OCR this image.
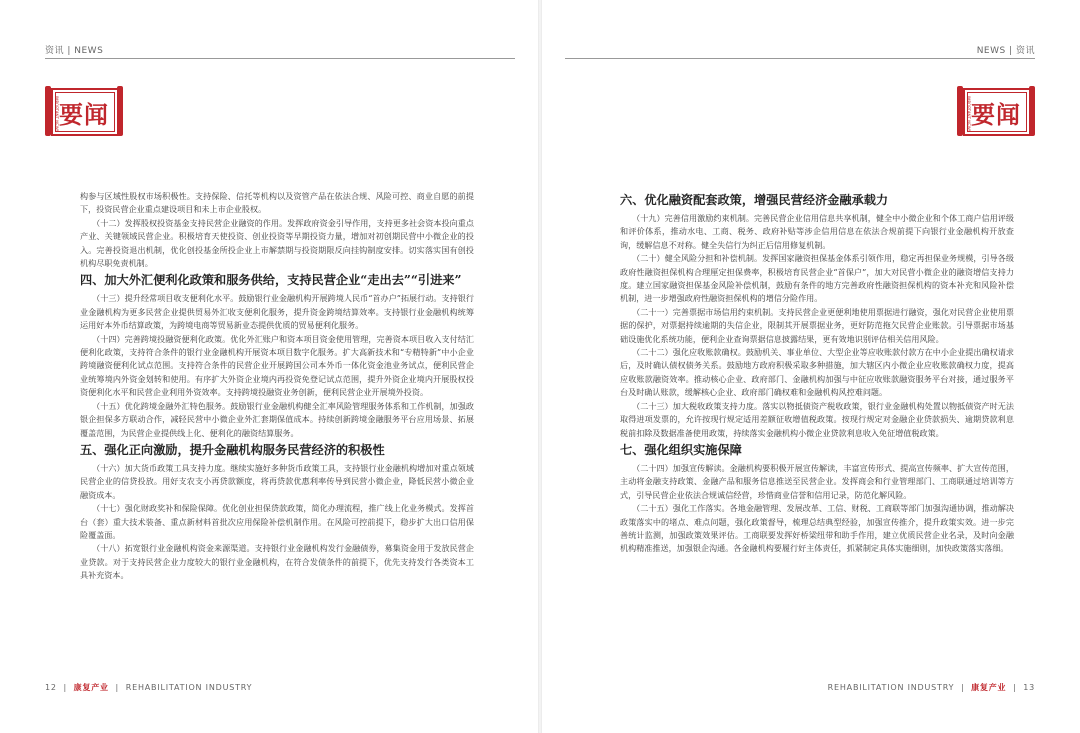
资讯 | NEWS
IMPORTANT NEWS 要闻

构参与区域性股权市场积极性。支持保险、信托等机构以及资管产品在依法合规、风险可控、商业自愿的前提下，投资民营企业重点建设项目和未上市企业股权。

（十二）发挥股权投资基金支持民营企业融资的作用。发挥政府资金引导作用，支持更多社会资本投向重点产业、关键领域民营企业。积极培育天使投资、创业投资等早期投资力量，增加对初创期民营中小微企业的投入。完善投资退出机制，优化创投基金所投企业上市解禁期与投资期限反向挂钩制度安排。切实落实国有创投机构尽职免责机制。

四、加大外汇便利化政策和服务供给，支持民营企业“走出去”“引进来”

（十三）提升经常项目收支便利化水平。鼓励银行业金融机构开展跨境人民币“首办户”拓展行动。支持银行业金融机构为更多民营企业提供贸易外汇收支便利化服务，提升资金跨境结算效率。支持银行业金融机构统筹运用好本外币结算政策，为跨境电商等贸易新业态提供优质的贸易便利化服务。

（十四）完善跨境投融资便利化政策。优化外汇账户和资本项目资金使用管理，完善资本项目收入支付结汇便利化政策，支持符合条件的银行业金融机构开展资本项目数字化服务。扩大高新技术和“专精特新”中小企业跨境融资便利化试点范围。支持符合条件的民营企业开展跨国公司本外币一体化资金池业务试点，便利民营企业统筹境内外资金划转和使用。有序扩大外资企业境内再投资免登记试点范围，提升外资企业境内开展股权投资便利化水平和民营企业利用外资效率。支持跨境投融资业务创新，便利民营企业开展境外投资。

（十五）优化跨境金融外汇特色服务。鼓励银行业金融机构健全汇率风险管理服务体系和工作机制，加强政银企担保多方联动合作，减轻民营中小微企业外汇套期保值成本。持续创新跨境金融服务平台应用场景、拓展覆盖范围，为民营企业提供线上化、便利化的融资结算服务。

五、强化正向激励，提升金融机构服务民营经济的积极性

（十六）加大货币政策工具支持力度。继续实施好多种货币政策工具，支持银行业金融机构增加对重点领域民营企业的信贷投放。用好支农支小再贷款额度，将再贷款优惠利率传导到民营小微企业，降低民营小微企业融资成本。

（十七）强化财政奖补和保险保障。优化创业担保贷款政策，简化办理流程，推广线上化业务模式。发挥首台（套）重大技术装备、重点新材料首批次应用保险补偿机制作用。在风险可控前提下，稳步扩大出口信用保险覆盖面。

（十八）拓宽银行业金融机构资金来源渠道。支持银行业金融机构发行金融债券，募集资金用于发放民营企业贷款。对于支持民营企业力度较大的银行业金融机构，在符合发债条件的前提下，优先支持发行各类资本工具补充资本。

12  |  康复产业  |  REHABILITATION INDUSTRY
NEWS | 资讯
IMPORTANT NEWS 要闻
六、优化融资配套政策，增强民营经济金融承载力

（十九）完善信用激励约束机制。完善民营企业信用信息共享机制，健全中小微企业和个体工商户信用评级和评价体系，推动水电、工商、税务、政府补贴等涉企信用信息在依法合规前提下向银行业金融机构开放查询，缓解信息不对称。健全失信行为纠正后信用修复机制。

（二十）健全风险分担和补偿机制。发挥国家融资担保基金体系引领作用，稳定再担保业务规模，引导各级政府性融资担保机构合理厘定担保费率，积极培育民营企业“首保户”，加大对民营小微企业的融资增信支持力度。建立国家融资担保基金风险补偿机制，鼓励有条件的地方完善政府性融资担保机构的资本补充和风险补偿机制，进一步增强政府性融资担保机构的增信分险作用。

（二十一）完善票据市场信用约束机制。支持民营企业更便利地使用票据进行融资，强化对民营企业使用票据的保护，对票据持续逾期的失信企业，限制其开展票据业务，更好防范拖欠民营企业账款。引导票据市场基础设施优化系统功能，便利企业查询票据信息披露结果，更有效地识别评估相关信用风险。

（二十二）强化应收账款确权。鼓励机关、事业单位、大型企业等应收账款付款方在中小企业提出确权请求后，及时确认债权债务关系。鼓励地方政府积极采取多种措施，加大辖区内小微企业应收账款确权力度，提高应收账款融资效率。推动核心企业、政府部门、金融机构加强与中征应收账款融资服务平台对接，通过服务平台及时确认账款，缓解核心企业、政府部门确权难和金融机构风控难问题。

（二十三）加大税收政策支持力度。落实以物抵债资产税收政策，银行业金融机构处置以物抵债资产时无法取得进项发票的，允许按现行规定适用差额征收增值税政策。按现行规定对金融企业贷款损失、逾期贷款利息税前扣除及数据准备使用政策，持续落实金融机构小微企业贷款利息收入免征增值税政策。

七、强化组织实施保障

（二十四）加强宣传解读。金融机构要积极开展宣传解读，丰富宣传形式、提高宣传频率、扩大宣传范围，主动将金融支持政策、金融产品和服务信息推送至民营企业。发挥商会和行业管理部门、工商联通过培训等方式，引导民营企业依法合规诚信经营，珍惜商业信誉和信用记录，防范化解风险。

（二十五）强化工作落实。各地金融管理、发展改革、工信、财税、工商联等部门加强沟通协调，推动解决政策落实中的堵点、难点问题，强化政策督导，梳理总结典型经验，加强宣传推介，提升政策实效。进一步完善统计监测，加强政策效果评估。工商联要发挥好桥梁纽带和助手作用，建立优质民营企业名录，及时向金融机构精准推送，加强银企沟通。各金融机构要履行好主体责任，抓紧制定具体实施细则，加快政策落实落细。

REHABILITATION INDUSTRY  |  康复产业  |  13
